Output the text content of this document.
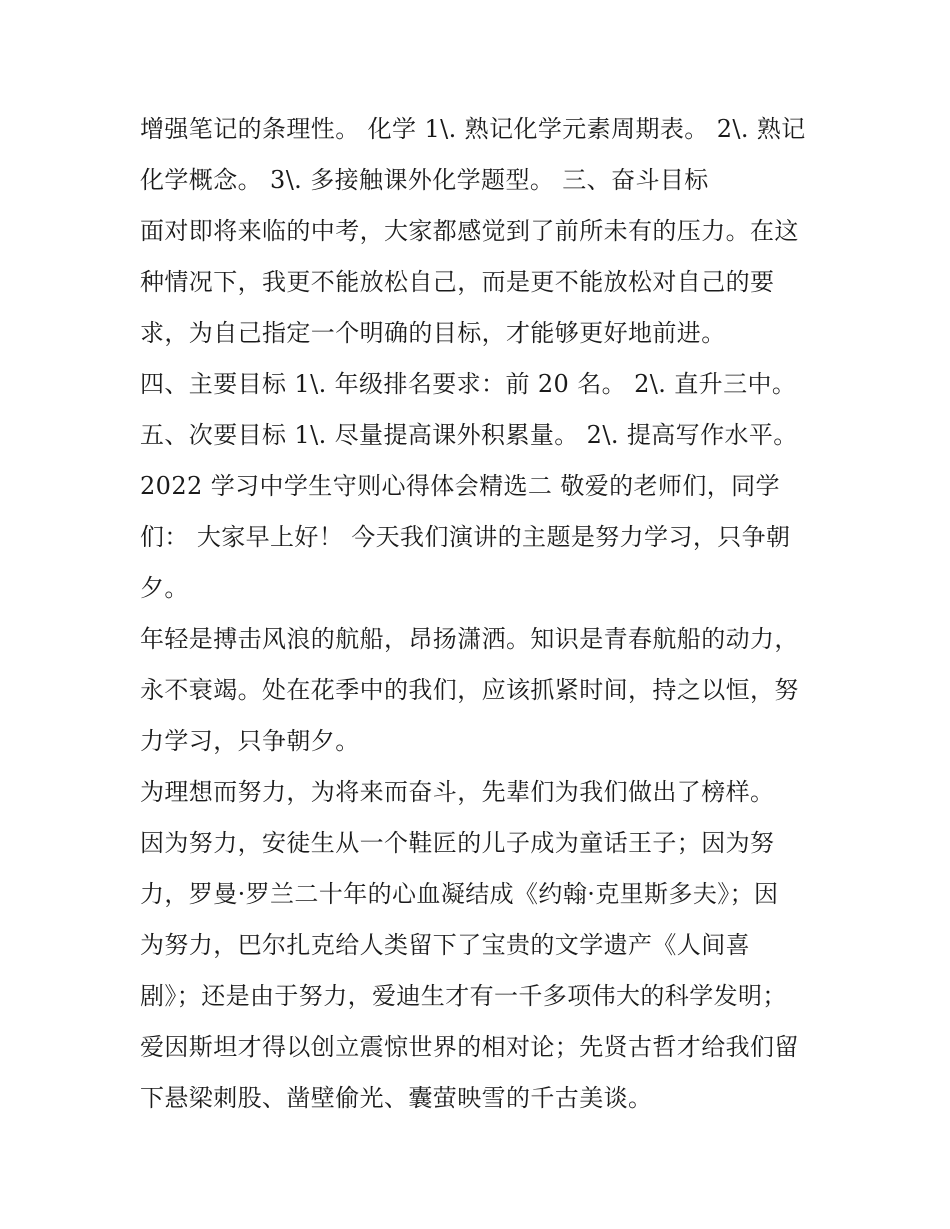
增强笔记的条理性。 化学 1\. 熟记化学元素周期表。 2\. 熟记
化学概念。 3\. 多接触课外化学题型。 三、奋斗目标
面对即将来临的中考，大家都感觉到了前所未有的压力。在这
种情况下，我更不能放松自己，而是更不能放松对自己的要
求，为自己指定一个明确的目标，才能够更好地前进。
四、主要目标 1\. 年级排名要求：前 20 名。 2\. 直升三中。
五、次要目标 1\. 尽量提高课外积累量。 2\. 提高写作水平。
2022 学习中学生守则心得体会精选二 敬爱的老师们，同学
们： 大家早上好！ 今天我们演讲的主题是努力学习，只争朝
夕。
年轻是搏击风浪的航船，昂扬潇洒。知识是青春航船的动力，
永不衰竭。处在花季中的我们，应该抓紧时间，持之以恒，努
力学习，只争朝夕。
为理想而努力，为将来而奋斗，先辈们为我们做出了榜样。
因为努力，安徒生从一个鞋匠的儿子成为童话王子；因为努
力，罗曼·罗兰二十年的心血凝结成《约翰·克里斯多夫》；因
为努力，巴尔扎克给人类留下了宝贵的文学遗产《人间喜
剧》；还是由于努力，爱迪生才有一千多项伟大的科学发明；
爱因斯坦才得以创立震惊世界的相对论；先贤古哲才给我们留
下悬梁刺股、凿壁偷光、囊萤映雪的千古美谈。
